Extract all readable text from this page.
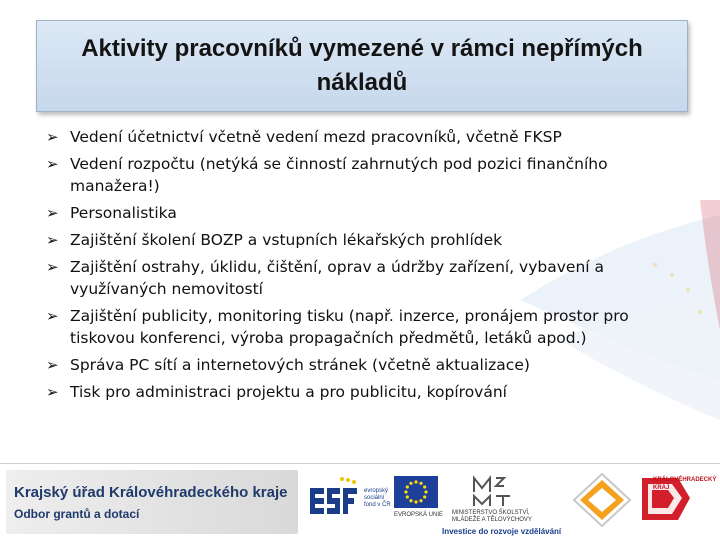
Aktivity pracovníků vymezené v rámci nepřímých nákladů
➢ Vedení účetnictví včetně vedení mezd pracovníků, včetně FKSP
➢ Vedení rozpočtu (netýká se činností zahrnutých pod pozici finančního manažera!)
➢ Personalistika
➢ Zajištění školení BOZP a vstupních lékařských prohlídek
➢ Zajištění ostrahy, úklidu, čištění, oprav a údržby zařízení, vybavení a využívaných nemovitostí
➢ Zajištění publicity, monitoring tisku (např. inzerce, pronájem prostor pro tiskovou konferenci, výroba propagačních předmětů, letáků apod.)
➢ Správa PC sítí a internetových stránek (včetně aktualizace)
➢ Tisk pro administraci projektu a pro publicitu, kopírování
Krajský úřad Královéhradeckého kraje
Odbor grantů a dotací
evropský
sociální
fond v ČR
EVROPSKÁ UNIE MINISTERSTVO ŠKOLSTVÍ,
MLÁDEŽE A TĚLOVÝCHOVY
Investice do rozvoje vzdělávání
KRÁLOVÉHRADECKÝ
KRAJ
